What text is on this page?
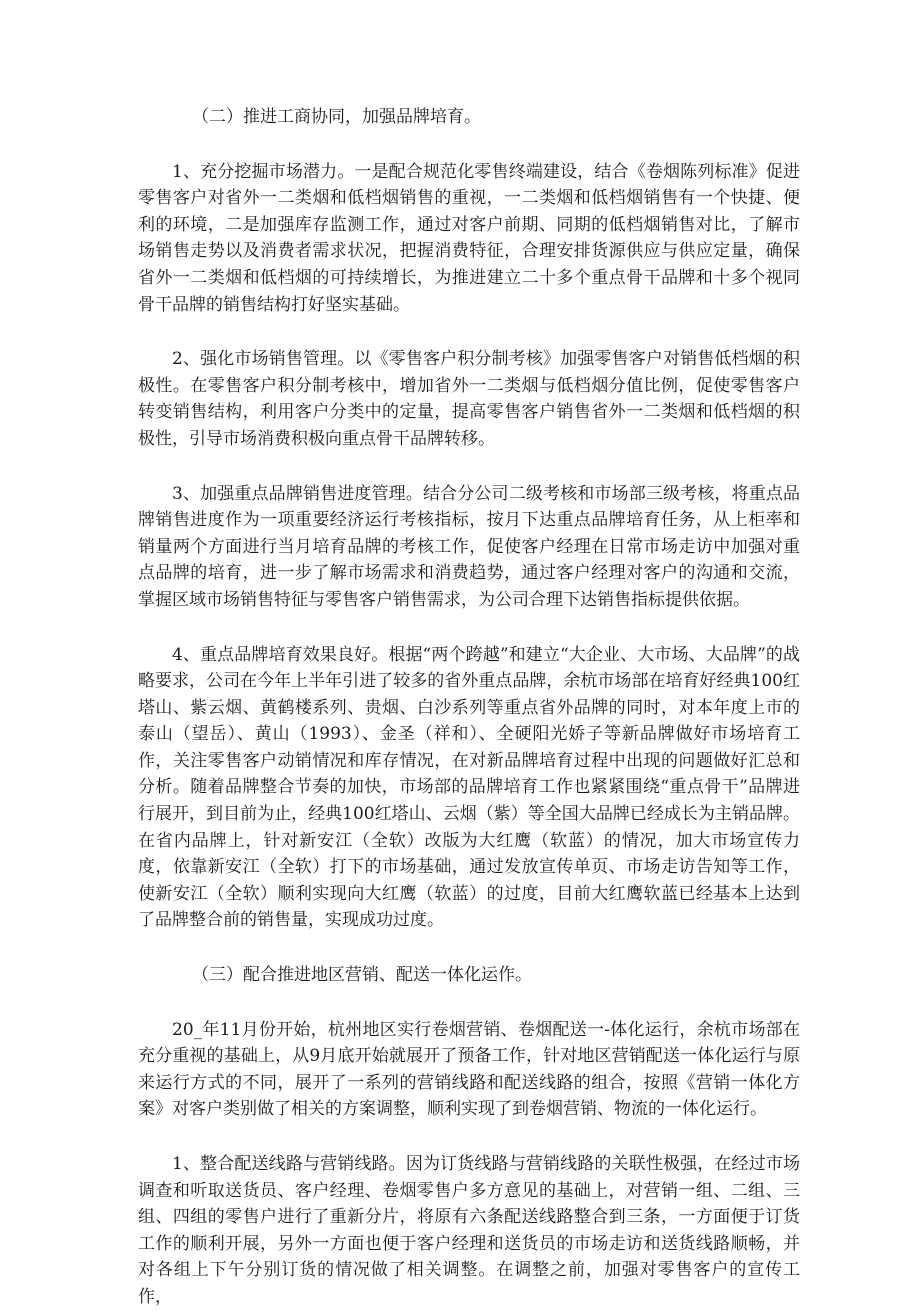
（二）推进工商协同，加强品牌培育。

1、充分挖掘市场潜力。一是配合规范化零售终端建设，结合《卷烟陈列标准》促进零售客户对省外一二类烟和低档烟销售的重视，一二类烟和低档烟销售有一个快捷、便利的环境，二是加强库存监测工作，通过对客户前期、同期的低档烟销售对比，了解市场销售走势以及消费者需求状况，把握消费特征，合理安排货源供应与供应定量，确保省外一二类烟和低档烟的可持续增长，为推进建立二十多个重点骨干品牌和十多个视同骨干品牌的销售结构打好坚实基础。

2、强化市场销售管理。以《零售客户积分制考核》加强零售客户对销售低档烟的积极性。在零售客户积分制考核中，增加省外一二类烟与低档烟分值比例，促使零售客户转变销售结构，利用客户分类中的定量，提高零售客户销售省外一二类烟和低档烟的积极性，引导市场消费积极向重点骨干品牌转移。

3、加强重点品牌销售进度管理。结合分公司二级考核和市场部三级考核，将重点品牌销售进度作为一项重要经济运行考核指标，按月下达重点品牌培育任务，从上柜率和销量两个方面进行当月培育品牌的考核工作，促使客户经理在日常市场走访中加强对重点品牌的培育，进一步了解市场需求和消费趋势，通过客户经理对客户的沟通和交流，掌握区域市场销售特征与零售客户销售需求，为公司合理下达销售指标提供依据。

4、重点品牌培育效果良好。根据“两个跨越”和建立“大企业、大市场、大品牌”的战略要求，公司在今年上半年引进了较多的省外重点品牌，余杭市场部在培育好经典100红塔山、紫云烟、黄鹤楼系列、贵烟、白沙系列等重点省外品牌的同时，对本年度上市的泰山（望岳）、黄山（1993）、金圣（祥和）、全硬阳光娇子等新品牌做好市场培育工作，关注零售客户动销情况和库存情况，在对新品牌培育过程中出现的问题做好汇总和分析。随着品牌整合节奏的加快，市场部的品牌培育工作也紧紧围绕“重点骨干”品牌进行展开，到目前为止，经典100红塔山、云烟（紫）等全国大品牌已经成长为主销品牌。在省内品牌上，针对新安江（全软）改版为大红鹰（软蓝）的情况，加大市场宣传力度，依靠新安江（全软）打下的市场基础，通过发放宣传单页、市场走访告知等工作，使新安江（全软）顺利实现向大红鹰（软蓝）的过度，目前大红鹰软蓝已经基本上达到了品牌整合前的销售量，实现成功过度。

（三）配合推进地区营销、配送一体化运作。

20_年11月份开始，杭州地区实行卷烟营销、卷烟配送一-体化运行，余杭市场部在充分重视的基础上，从9月底开始就展开了预备工作，针对地区营销配送一体化运行与原来运行方式的不同，展开了一系列的营销线路和配送线路的组合，按照《营销一体化方案》对客户类别做了相关的方案调整，顺利实现了到卷烟营销、物流的一体化运行。

1、整合配送线路与营销线路。因为订货线路与营销线路的关联性极强，在经过市场调查和听取送货员、客户经理、卷烟零售户多方意见的基础上，对营销一组、二组、三组、四组的零售户进行了重新分片，将原有六条配送线路整合到三条，一方面便于订货工作的顺利开展，另外一方面也便于客户经理和送货员的市场走访和送货线路顺畅，并对各组上下午分别订货的情况做了相关调整。在调整之前，加强对零售客户的宣传工作，
